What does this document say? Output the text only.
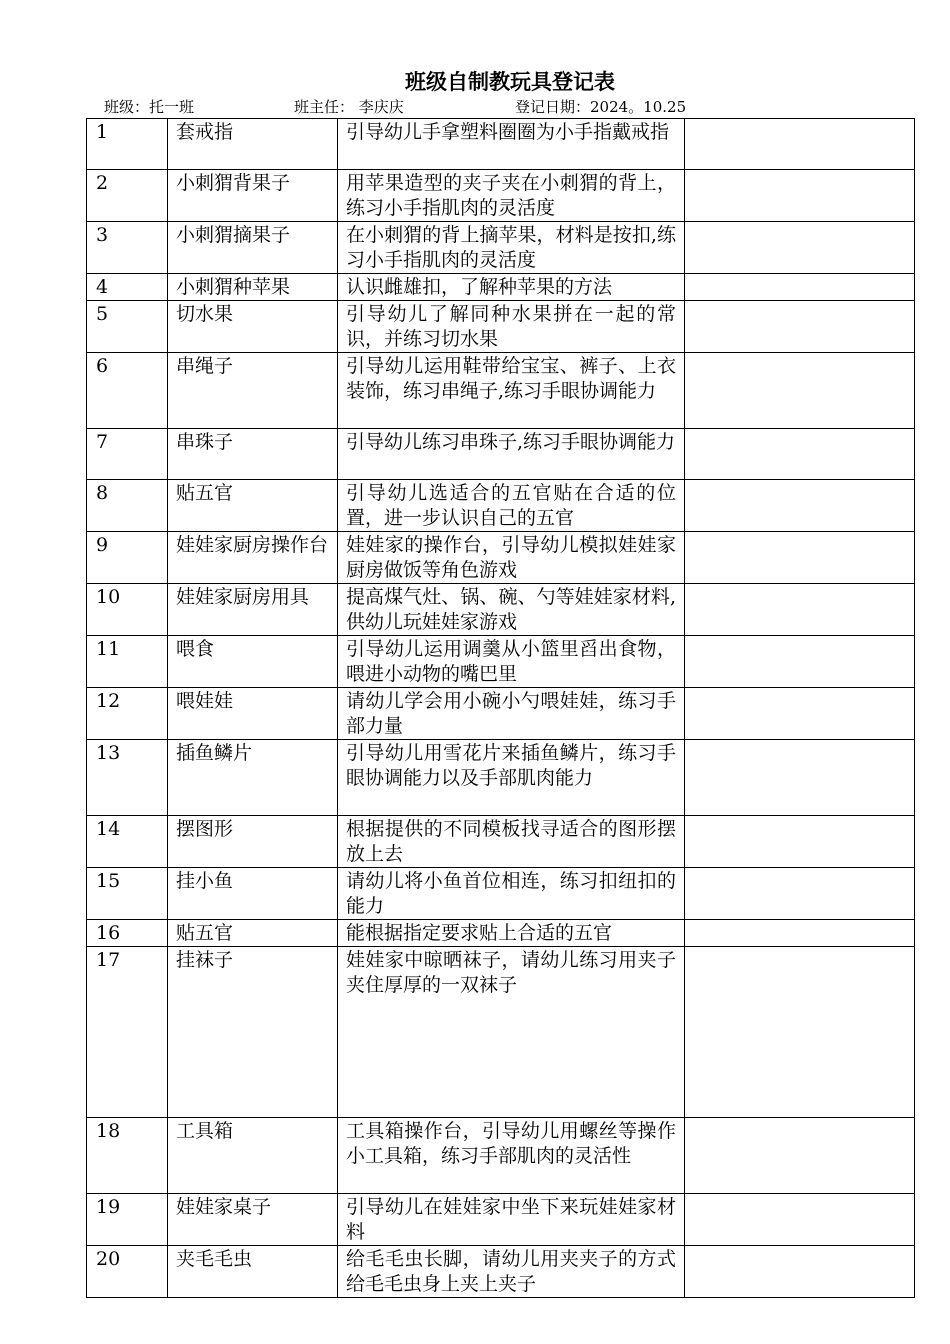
班级自制教玩具登记表
班级：托一班	班主任： 李庆庆	登记日期：2024。10.25
1	套戒指	引导幼儿手拿塑料圈圈为小手指戴戒指	
2	小刺猬背果子	用苹果造型的夹子夹在小刺猬的背上，练习小手指肌肉的灵活度	
3	小刺猬摘果子	在小刺猬的背上摘苹果，材料是按扣,练习小手指肌肉的灵活度	
4	小刺猬种苹果	认识雌雄扣，了解种苹果的方法	
5	切水果	引导幼儿了解同种水果拼在一起的常识，并练习切水果	
6	串绳子	引导幼儿运用鞋带给宝宝、裤子、上衣装饰，练习串绳子,练习手眼协调能力	
7	串珠子	引导幼儿练习串珠子,练习手眼协调能力	
8	贴五官	引导幼儿选适合的五官贴在合适的位置，进一步认识自己的五官	
9	娃娃家厨房操作台	娃娃家的操作台，引导幼儿模拟娃娃家厨房做饭等角色游戏	
10	娃娃家厨房用具	提高煤气灶、锅、碗、勺等娃娃家材料,供幼儿玩娃娃家游戏	
11	喂食	引导幼儿运用调羹从小篮里舀出食物，喂进小动物的嘴巴里	
12	喂娃娃	请幼儿学会用小碗小勺喂娃娃，练习手部力量	
13	插鱼鳞片	引导幼儿用雪花片来插鱼鳞片，练习手眼协调能力以及手部肌肉能力	
14	摆图形	根据提供的不同模板找寻适合的图形摆放上去	
15	挂小鱼	请幼儿将小鱼首位相连，练习扣纽扣的能力	
16	贴五官	能根据指定要求贴上合适的五官	
17	挂袜子	娃娃家中晾晒袜子，请幼儿练习用夹子夹住厚厚的一双袜子	
18	工具箱	工具箱操作台，引导幼儿用螺丝等操作小工具箱，练习手部肌肉的灵活性	
19	娃娃家桌子	引导幼儿在娃娃家中坐下来玩娃娃家材料	
20	夹毛毛虫	给毛毛虫长脚，请幼儿用夹夹子的方式给毛毛虫身上夹上夹子	
